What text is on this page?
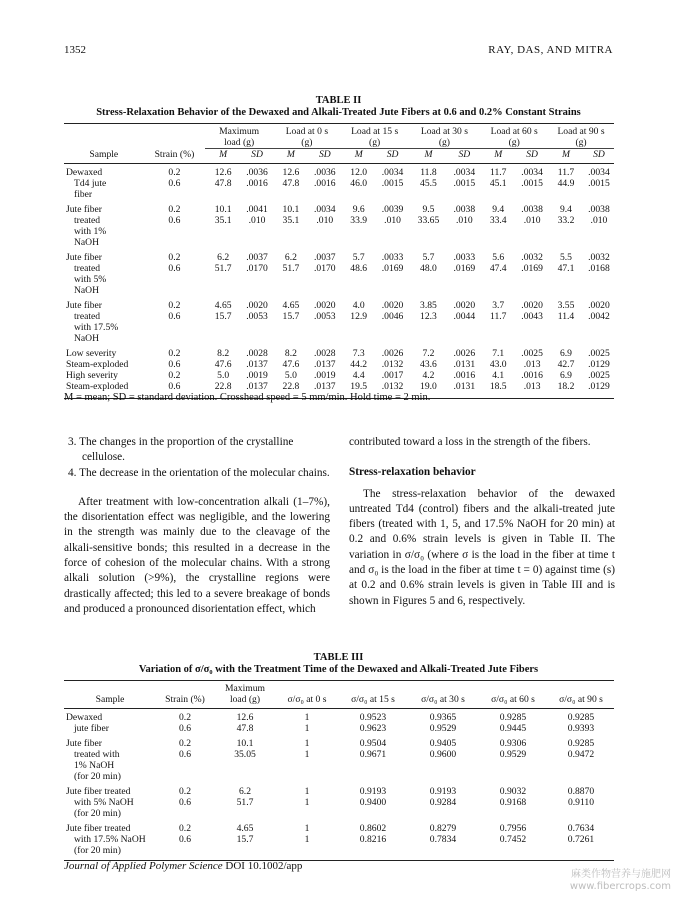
1352	RAY, DAS, AND MITRA
TABLE II
Stress-Relaxation Behavior of the Dewaxed and Alkali-Treated Jute Fibers at 0.6 and 0.2% Constant Strains

		Maximum		Load at 0 s		Load at 15 s		Load at 30 s		Load at 60 s		Load at 90 s	
		load (g)		(g)		(g)		(g)		(g)		(g)	
Sample	Strain (%)	M	SD	M	SD	M	SD	M	SD	M	SD	M	SD

Dewaxed	0.2	12.6	.0036	12.6	.0036	12.0	.0034	11.8	.0034	11.7	.0034	11.7	.0034
Td4 jute	0.6	47.8	.0016	47.8	.0016	46.0	.0015	45.5	.0015	45.1	.0015	44.9	.0015
fiber													

Jute fiber	0.2	10.1	.0041	10.1	.0034	9.6	.0039	9.5	.0038	9.4	.0038	9.4	.0038
treated	0.6	35.1	.010	35.1	.010	33.9	.010	33.65	.010	33.4	.010	33.2	.010
with 1%													
NaOH													

Jute fiber	0.2	6.2	.0037	6.2	.0037	5.7	.0033	5.7	.0033	5.6	.0032	5.5	.0032
treated	0.6	51.7	.0170	51.7	.0170	48.6	.0169	48.0	.0169	47.4	.0169	47.1	.0168
with 5%													
NaOH													

Jute fiber	0.2	4.65	.0020	4.65	.0020	4.0	.0020	3.85	.0020	3.7	.0020	3.55	.0020
treated	0.6	15.7	.0053	15.7	.0053	12.9	.0046	12.3	.0044	11.7	.0043	11.4	.0042
with 17.5%													
NaOH													

Low severity	0.2	8.2	.0028	8.2	.0028	7.3	.0026	7.2	.0026	7.1	.0025	6.9	.0025
Steam-exploded	0.6	47.6	.0137	47.6	.0137	44.2	.0132	43.6	.0131	43.0	.013	42.7	.0129
High severity	0.2	5.0	.0019	5.0	.0019	4.4	.0017	4.2	.0016	4.1	.0016	6.9	.0025
Steam-exploded	0.6	22.8	.0137	22.8	.0137	19.5	.0132	19.0	.0131	18.5	.013	18.2	.0129

M = mean; SD = standard deviation. Crosshead speed = 5 mm/min. Hold time = 2 min.

3. The changes in the proportion of the crystalline cellulose.

4. The decrease in the orientation of the molecular chains.

After treatment with low-concentration alkali (1–7%), the disorientation effect was negligible, and the lowering in the strength was mainly due to the cleavage of the alkali-sensitive bonds; this resulted in a decrease in the force of cohesion of the molecular chains. With a strong alkali solution (>9%), the crystalline regions were drastically affected; this led to a severe breakage of bonds and produced a pronounced disorientation effect, which

contributed toward a loss in the strength of the fibers.

Stress-relaxation behavior

The stress-relaxation behavior of the dewaxed untreated Td4 (control) fibers and the alkali-treated jute fibers (treated with 1, 5, and 17.5% NaOH for 20 min) at 0.2 and 0.6% strain levels is given in Table II. The variation in σ/σ₀ (where σ is the load in the fiber at time t and σ₀ is the load in the fiber at time t = 0) against time (s) at 0.2 and 0.6% strain levels is given in Table III and is shown in Figures 5 and 6, respectively.

TABLE III
Variation of σ/σ₀ with the Treatment Time of the Dewaxed and Alkali-Treated Jute Fibers

		Maximum					
Sample	Strain (%)	load (g)	σ/σ₀ at 0 s	σ/σ₀ at 15 s	σ/σ₀ at 30 s	σ/σ₀ at 60 s	σ/σ₀ at 90 s

Dewaxed	0.2	12.6	1	0.9523	0.9365	0.9285	0.9285
jute fiber	0.6	47.8	1	0.9623	0.9529	0.9445	0.9393

Jute fiber	0.2	10.1	1	0.9504	0.9405	0.9306	0.9285
treated with	0.6	35.05	1	0.9671	0.9600	0.9529	0.9472
1% NaOH							
(for 20 min)							

Jute fiber treated	0.2	6.2	1	0.9193	0.9193	0.9032	0.8870
with 5% NaOH	0.6	51.7	1	0.9400	0.9284	0.9168	0.9110
(for 20 min)							

Jute fiber treated	0.2	4.65	1	0.8602	0.8279	0.7956	0.7634
with 17.5% NaOH	0.6	15.7	1	0.8216	0.7834	0.7452	0.7261
(for 20 min)							

Journal of Applied Polymer Science DOI 10.1002/app
麻类作物营养与施肥网
www.fibercrops.com
